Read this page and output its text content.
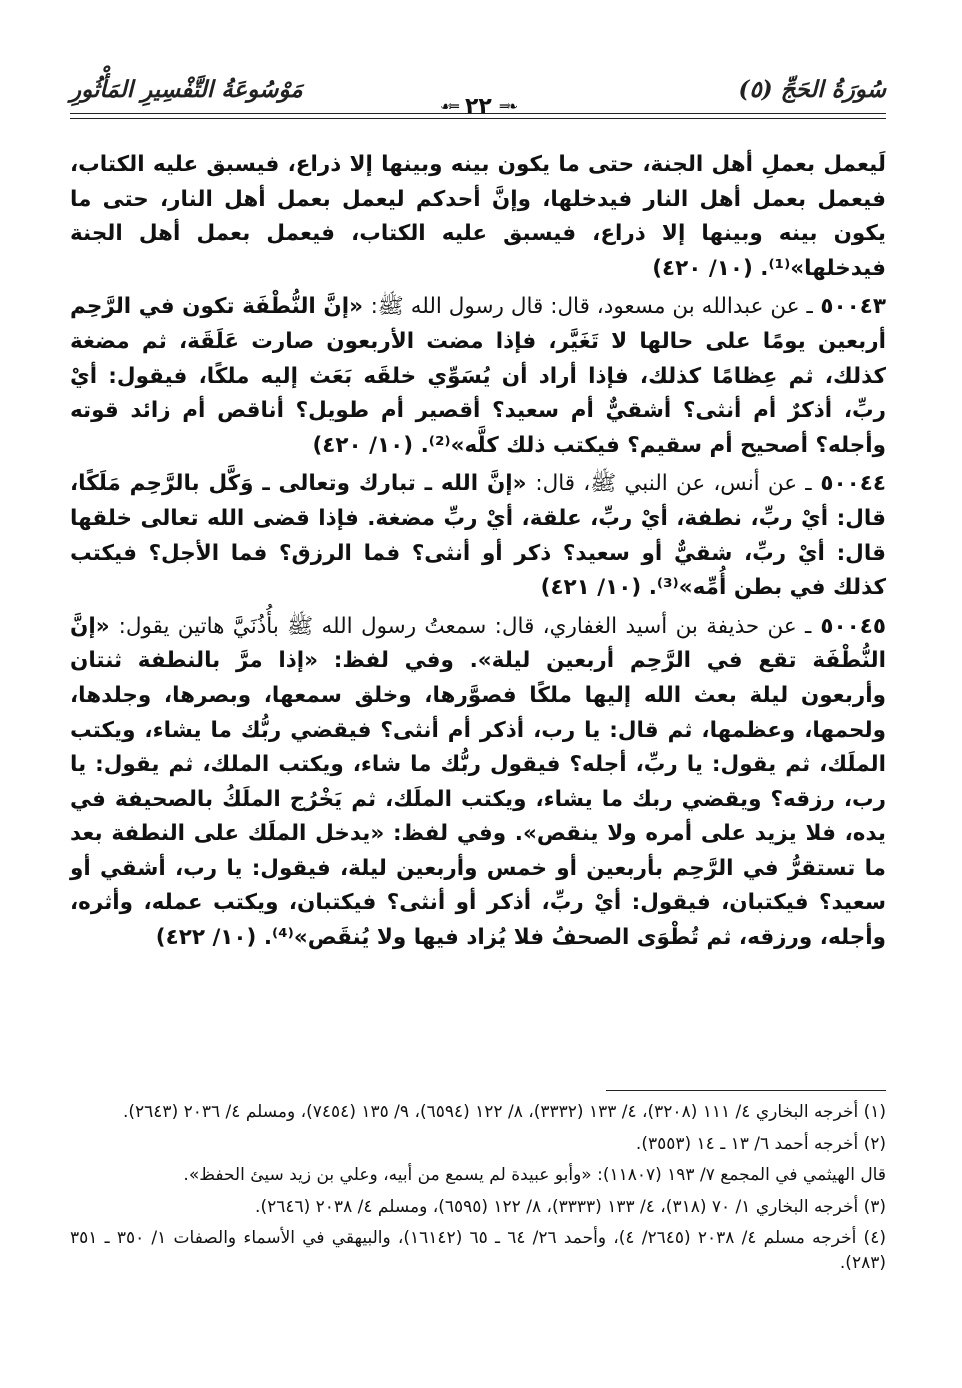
سُورَةُ الحَجِّ (٥)
❧═
٢٢
═☙
مَوْسُوعَةُ التَّفْسِيرِ المَأْثُورِ

لَيعمل بعملِ أهل الجنة، حتى ما يكون بينه وبينها إلا ذراع، فيسبق عليه الكتاب، فيعمل بعمل أهل النار فيدخلها، وإنَّ أحدكم ليعمل بعمل أهل النار، حتى ما يكون بينه وبينها إلا ذراع، فيسبق عليه الكتاب، فيعمل بعمل أهل الجنة فيدخلها»⁽¹⁾. (١٠/ ٤٢٠)

٥٠٠٤٣ ـ عن عبدالله بن مسعود، قال: قال رسول الله ﷺ: «إنَّ النُّطْفَة تكون في الرَّحِم أربعين يومًا على حالها لا تَغَيَّر، فإذا مضت الأربعون صارت عَلَقَة، ثم مضغة كذلك، ثم عِظامًا كذلك، فإذا أراد أن يُسَوِّي خلقَه بَعَث إليه ملكًا، فيقول: أيْ ربِّ، أذكرٌ أم أنثى؟ أشقيٌّ أم سعيد؟ أقصير أم طويل؟ أناقص أم زائد قوته وأجله؟ أصحيح أم سقيم؟ فيكتب ذلك كلَّه»⁽²⁾. (١٠/ ٤٢٠)

٥٠٠٤٤ ـ عن أنس، عن النبي ﷺ، قال: «إنَّ الله ـ تبارك وتعالى ـ وَكَّل بالرَّحِم مَلَكًا، قال: أيْ ربِّ، نطفة، أيْ ربِّ، علقة، أيْ ربِّ مضغة. فإذا قضى الله تعالى خلقها قال: أيْ ربِّ، شقيٌّ أو سعيد؟ ذكر أو أنثى؟ فما الرزق؟ فما الأجل؟ فيكتب كذلك في بطن أُمِّه»⁽³⁾. (١٠/ ٤٢١)

٥٠٠٤٥ ـ عن حذيفة بن أسيد الغفاري، قال: سمعتُ رسول الله ﷺ بأُذُنَيَّ هاتين يقول: «إنَّ النُّطْفَة تقع في الرَّحِم أربعين ليلة». وفي لفظ: «إذا مرَّ بالنطفة ثنتان وأربعون ليلة بعث الله إليها ملكًا فصوَّرها، وخلق سمعها، وبصرها، وجلدها، ولحمها، وعظمها، ثم قال: يا رب، أذكر أم أنثى؟ فيقضي ربُّك ما يشاء، ويكتب الملَك، ثم يقول: يا ربِّ، أجله؟ فيقول ربُّك ما شاء، ويكتب الملك، ثم يقول: يا رب، رزقه؟ ويقضي ربك ما يشاء، ويكتب الملَك، ثم يَخْرُج الملَكُ بالصحيفة في يده، فلا يزيد على أمره ولا ينقص». وفي لفظ: «يدخل الملَك على النطفة بعد ما تستقرُّ في الرَّحِم بأربعين أو خمس وأربعين ليلة، فيقول: يا رب، أشقي أو سعيد؟ فيكتبان، فيقول: أيْ ربِّ، أذكر أو أنثى؟ فيكتبان، ويكتب عمله، وأثره، وأجله، ورزقه، ثم تُطْوَى الصحفُ فلا يُزاد فيها ولا يُنقَص»⁽⁴⁾. (١٠/ ٤٢٢)

(١) أخرجه البخاري ٤/ ١١١ (٣٢٠٨)، ٤/ ١٣٣ (٣٣٣٢)، ٨/ ١٢٢ (٦٥٩٤)، ٩/ ١٣٥ (٧٤٥٤)، ومسلم ٤/ ٢٠٣٦ (٢٦٤٣).

(٢) أخرجه أحمد ٦/ ١٣ ـ ١٤ (٣٥٥٣).

قال الهيثمي في المجمع ٧/ ١٩٣ (١١٨٠٧): «وأبو عبيدة لم يسمع من أبيه، وعلي بن زيد سيئ الحفظ».

(٣) أخرجه البخاري ١/ ٧٠ (٣١٨)، ٤/ ١٣٣ (٣٣٣٣)، ٨/ ١٢٢ (٦٥٩٥)، ومسلم ٤/ ٢٠٣٨ (٢٦٤٦).

(٤) أخرجه مسلم ٤/ ٢٠٣٨ (٢٦٤٥/ ٤)، وأحمد ٢٦/ ٦٤ ـ ٦٥ (١٦١٤٢)، والبيهقي في الأسماء والصفات ١/ ٣٥٠ ـ ٣٥١ (٢٨٣).
